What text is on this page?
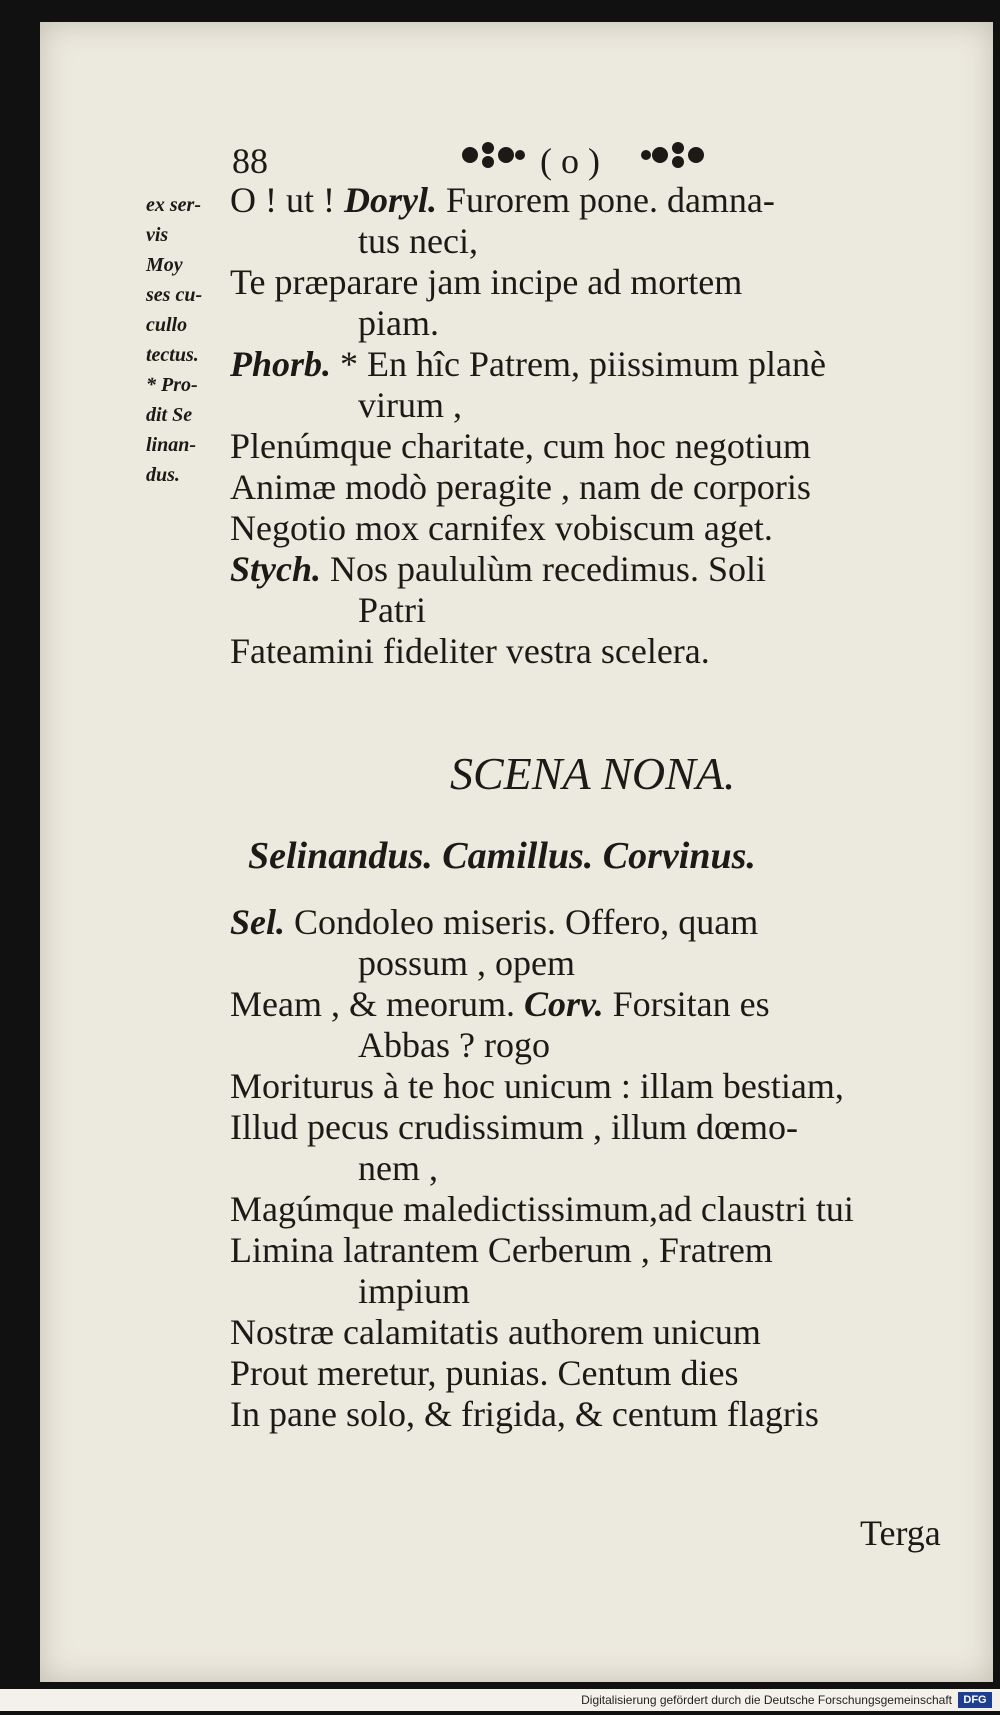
88	( o )
ex ser-
vis
Moy
ses cu-
cullo
tectus.
* Pro-
dit Se
linan-
dus.
O ! ut ! Doryl. Furorem pone. damna-
tus neci,
Te præparare jam incipe ad mortem
piam.
Phorb. * En hîc Patrem, piissimum planè
virum ,
Plenúmque charitate, cum hoc negotium
Animæ modò peragite , nam de corporis
Negotio mox carnifex vobiscum aget.
Stych. Nos paululùm recedimus. Soli
Patri
Fateamini fideliter vestra scelera.
SCENA NONA.
Selinandus. Camillus. Corvinus.
Sel. Condoleo miseris. Offero, quam
possum , opem
Meam , & meorum. Corv. Forsitan es
Abbas ? rogo
Moriturus à te hoc unicum : illam bestiam,
Illud pecus crudissimum , illum dœmo-
nem ,
Magúmque maledictissimum,ad claustri tui
Limina latrantem Cerberum , Fratrem
impium
Nostræ calamitatis authorem unicum
Prout meretur, punias. Centum dies
In pane solo, & frigida, & centum flagris
Terga
Digitalisierung gefördert durch die Deutsche Forschungsgemeinschaft	DFG
